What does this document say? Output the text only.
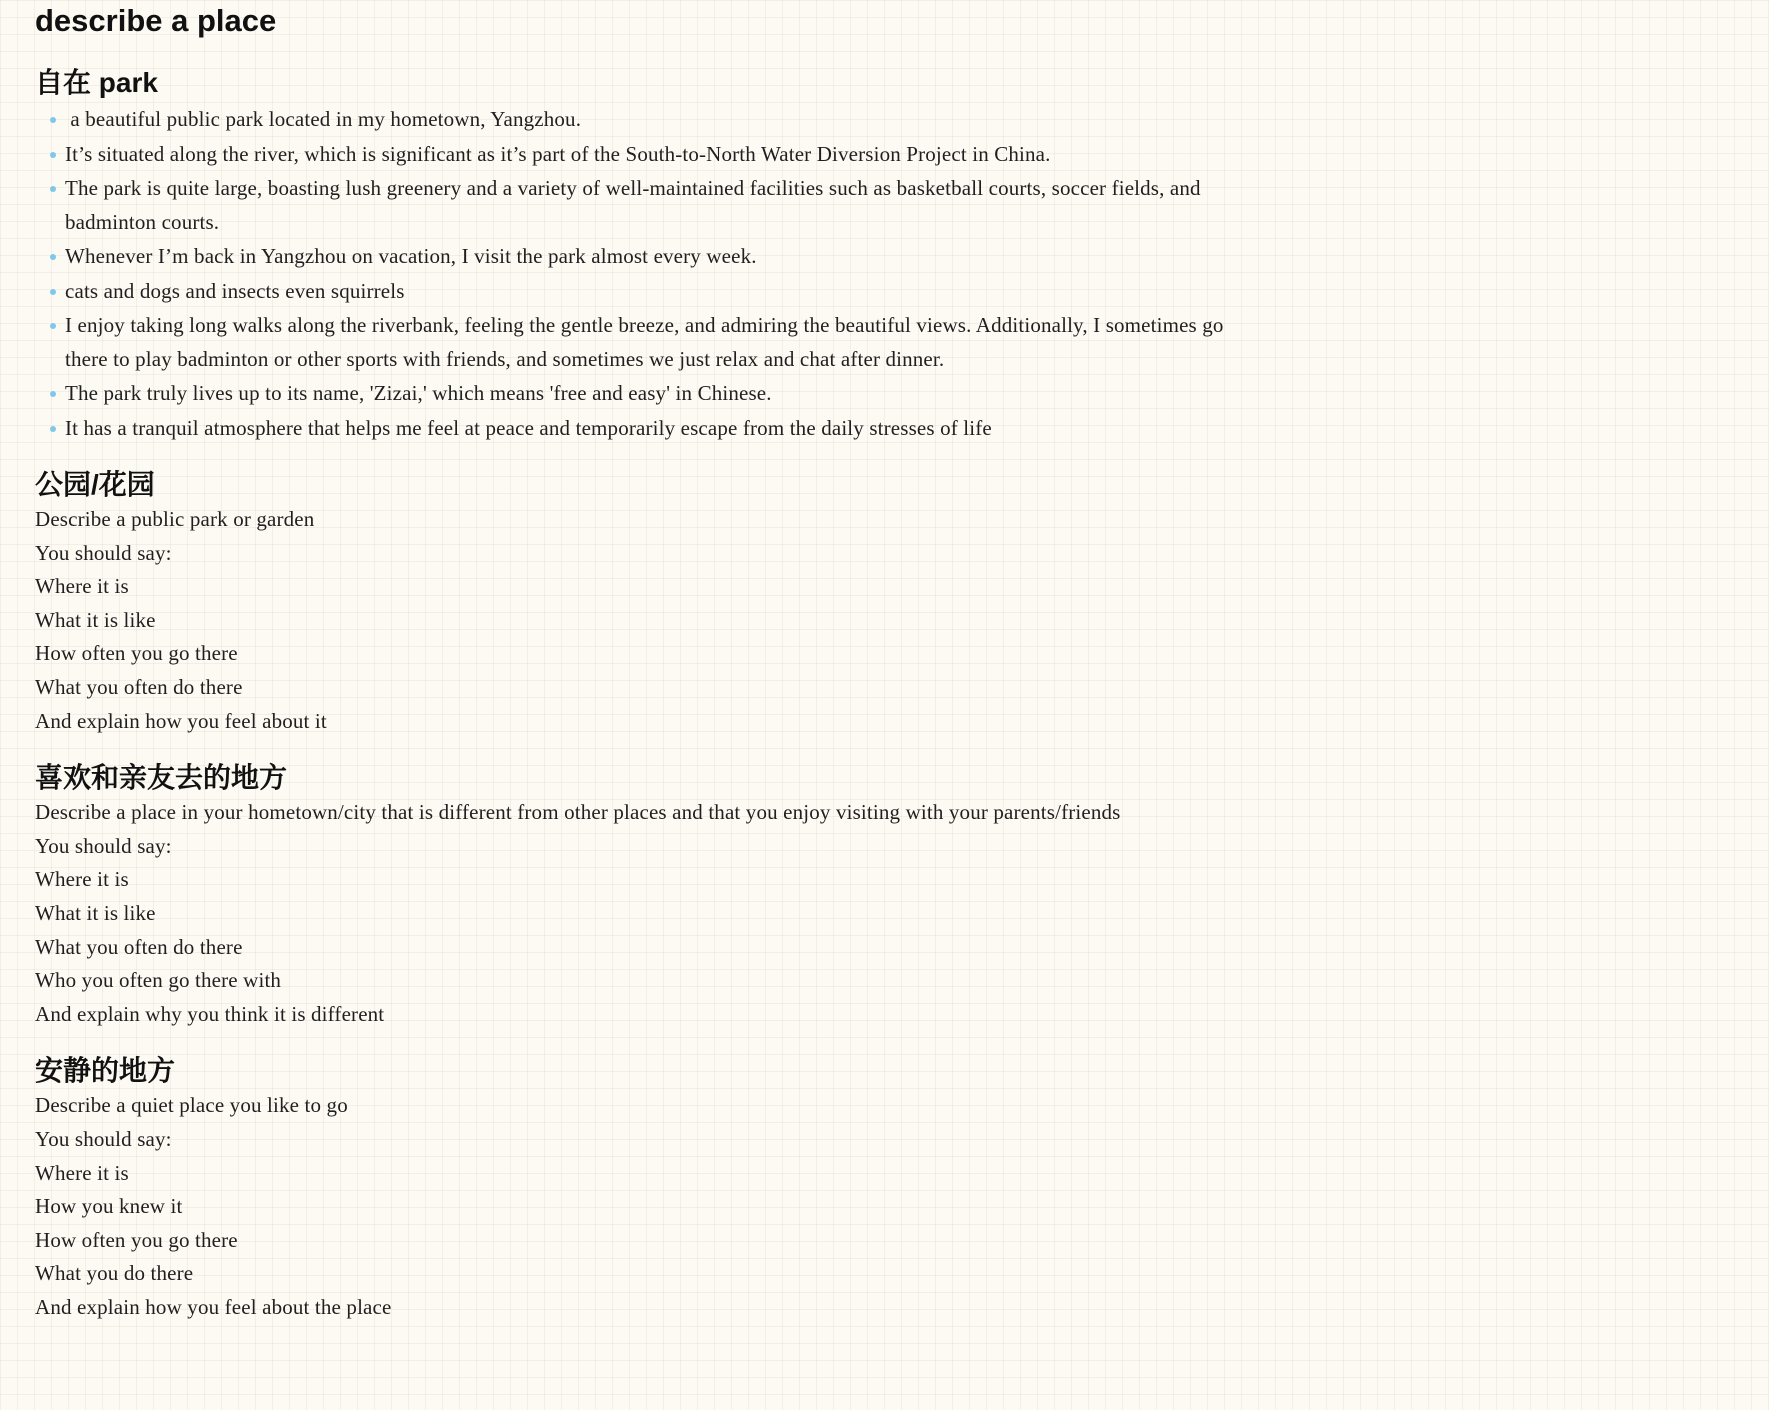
describe a place
自在 park
a beautiful public park located in my hometown, Yangzhou.
It’s situated along the river, which is significant as it’s part of the South-to-North Water Diversion Project in China.
The park is quite large, boasting lush greenery and a variety of well-maintained facilities such as basketball courts, soccer fields, and badminton courts.
Whenever I’m back in Yangzhou on vacation, I visit the park almost every week.
cats and dogs and insects even squirrels
I enjoy taking long walks along the riverbank, feeling the gentle breeze, and admiring the beautiful views. Additionally, I sometimes go there to play badminton or other sports with friends, and sometimes we just relax and chat after dinner.
The park truly lives up to its name, 'Zizai,' which means 'free and easy' in Chinese.
It has a tranquil atmosphere that helps me feel at peace and temporarily escape from the daily stresses of life
公园/花园

Describe a public park or garden

You should say:

Where it is

What it is like

How often you go there

What you often do there

And explain how you feel about it

喜欢和亲友去的地方

Describe a place in your hometown/city that is different from other places and that you enjoy visiting with your parents/friends

You should say:

Where it is

What it is like

What you often do there

Who you often go there with

And explain why you think it is different

安静的地方

Describe a quiet place you like to go

You should say:

Where it is

How you knew it

How often you go there

What you do there

And explain how you feel about the place
